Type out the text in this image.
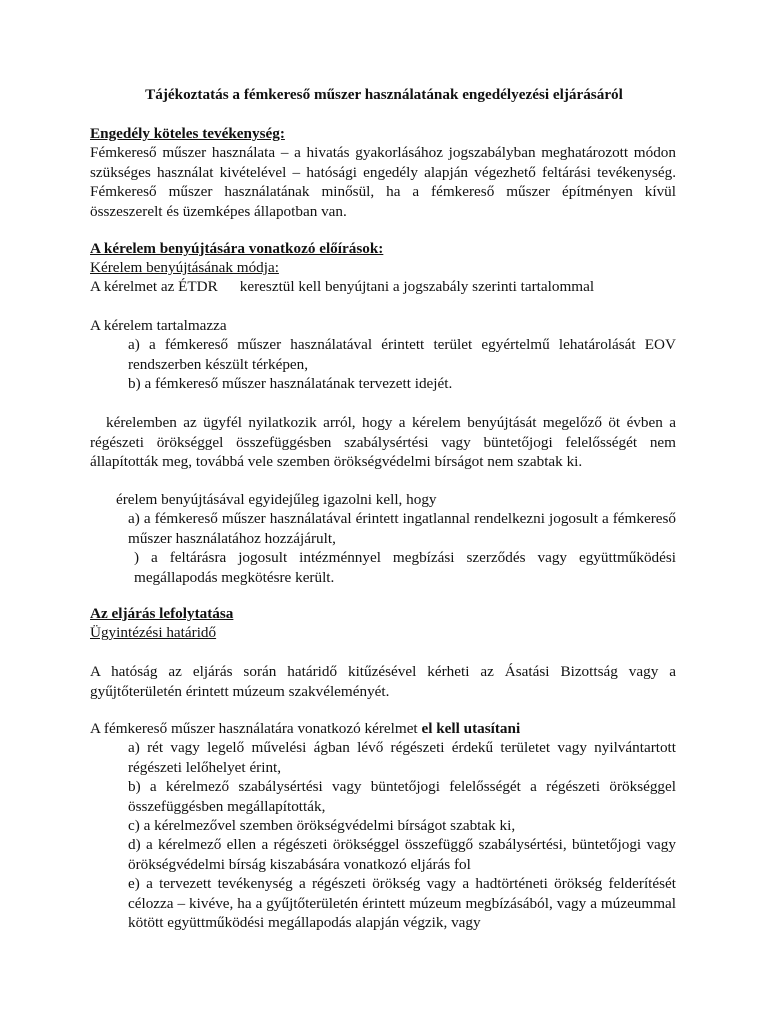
Tájékoztatás a fémkereső műszer használatának engedélyezési eljárásáról

Engedély köteles tevékenység:

Fémkereső műszer használata – a hivatás gyakorlásához jogszabályban meghatározott módon szükséges használat kivételével – hatósági engedély alapján végezhető feltárási tevékenység. Fémkereső műszer használatának minősül, ha a fémkereső műszer építményen kívül összeszerelt és üzemképes állapotban van.

A kérelem benyújtására vonatkozó előírások:

Kérelem benyújtásának módja:

A kérelmet az ÉTDR keresztül kell benyújtani a jogszabály szerinti tartalommal

A kérelem tartalmazza

a) a fémkereső műszer használatával érintett terület egyértelmű lehatárolását EOV rendszerben készült térképen,

b) a fémkereső műszer használatának tervezett idejét.

kérelemben az ügyfél nyilatkozik arról, hogy a kérelem benyújtását megelőző öt évben a régészeti örökséggel összefüggésben szabálysértési vagy büntetőjogi felelősségét nem állapították meg, továbbá vele szemben örökségvédelmi bírságot nem szabtak ki.

érelem benyújtásával egyidejűleg igazolni kell, hogy

a) a fémkereső műszer használatával érintett ingatlannal rendelkezni jogosult a fémkereső műszer használatához hozzájárult,

) a feltárásra jogosult intézménnyel megbízási szerződés vagy együttműködési megállapodás megkötésre került.

Az eljárás lefolytatása

Ügyintézési határidő

A hatóság az eljárás során határidő kitűzésével kérheti az Ásatási Bizottság vagy a gyűjtőterületén érintett múzeum szakvéleményét.

A fémkereső műszer használatára vonatkozó kérelmet el kell utasítani

a) rét vagy legelő művelési ágban lévő régészeti érdekű területet vagy nyilvántartott régészeti lelőhelyet érint,

b) a kérelmező szabálysértési vagy büntetőjogi felelősségét a régészeti örökséggel összefüggésben megállapították,

c) a kérelmezővel szemben örökségvédelmi bírságot szabtak ki,

d) a kérelmező ellen a régészeti örökséggel összefüggő szabálysértési, büntetőjogi vagy örökségvédelmi bírság kiszabására vonatkozó eljárás fol

e) a tervezett tevékenység a régészeti örökség vagy a hadtörténeti örökség felderítését célozza – kivéve, ha a gyűjtőterületén érintett múzeum megbízásából, vagy a múzeummal kötött együttműködési megállapodás alapján végzik, vagy
